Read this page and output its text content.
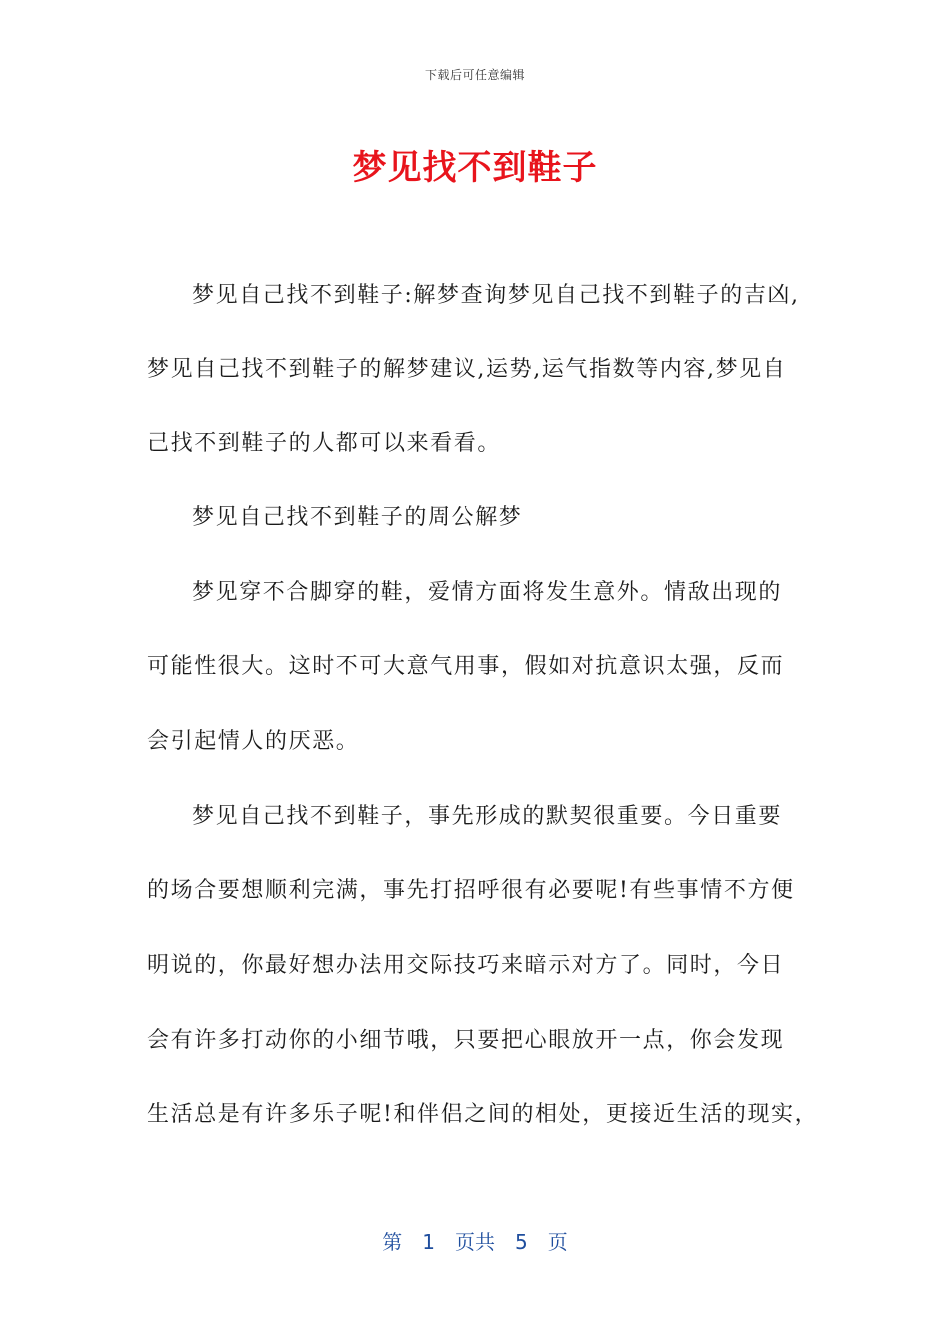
下载后可任意编辑
梦见找不到鞋子
梦见自己找不到鞋子:解梦查询梦见自己找不到鞋子的吉凶,
梦见自己找不到鞋子的解梦建议,运势,运气指数等内容,梦见自
己找不到鞋子的人都可以来看看。
梦见自己找不到鞋子的周公解梦
梦见穿不合脚穿的鞋，爱情方面将发生意外。情敌出现的
可能性很大。这时不可大意气用事，假如对抗意识太强，反而
会引起情人的厌恶。
梦见自己找不到鞋子，事先形成的默契很重要。今日重要
的场合要想顺利完满，事先打招呼很有必要呢!有些事情不方便
明说的，你最好想办法用交际技巧来暗示对方了。同时，今日
会有许多打动你的小细节哦，只要把心眼放开一点，你会发现
生活总是有许多乐子呢!和伴侣之间的相处，更接近生活的现实，
第 1 页共 5 页
